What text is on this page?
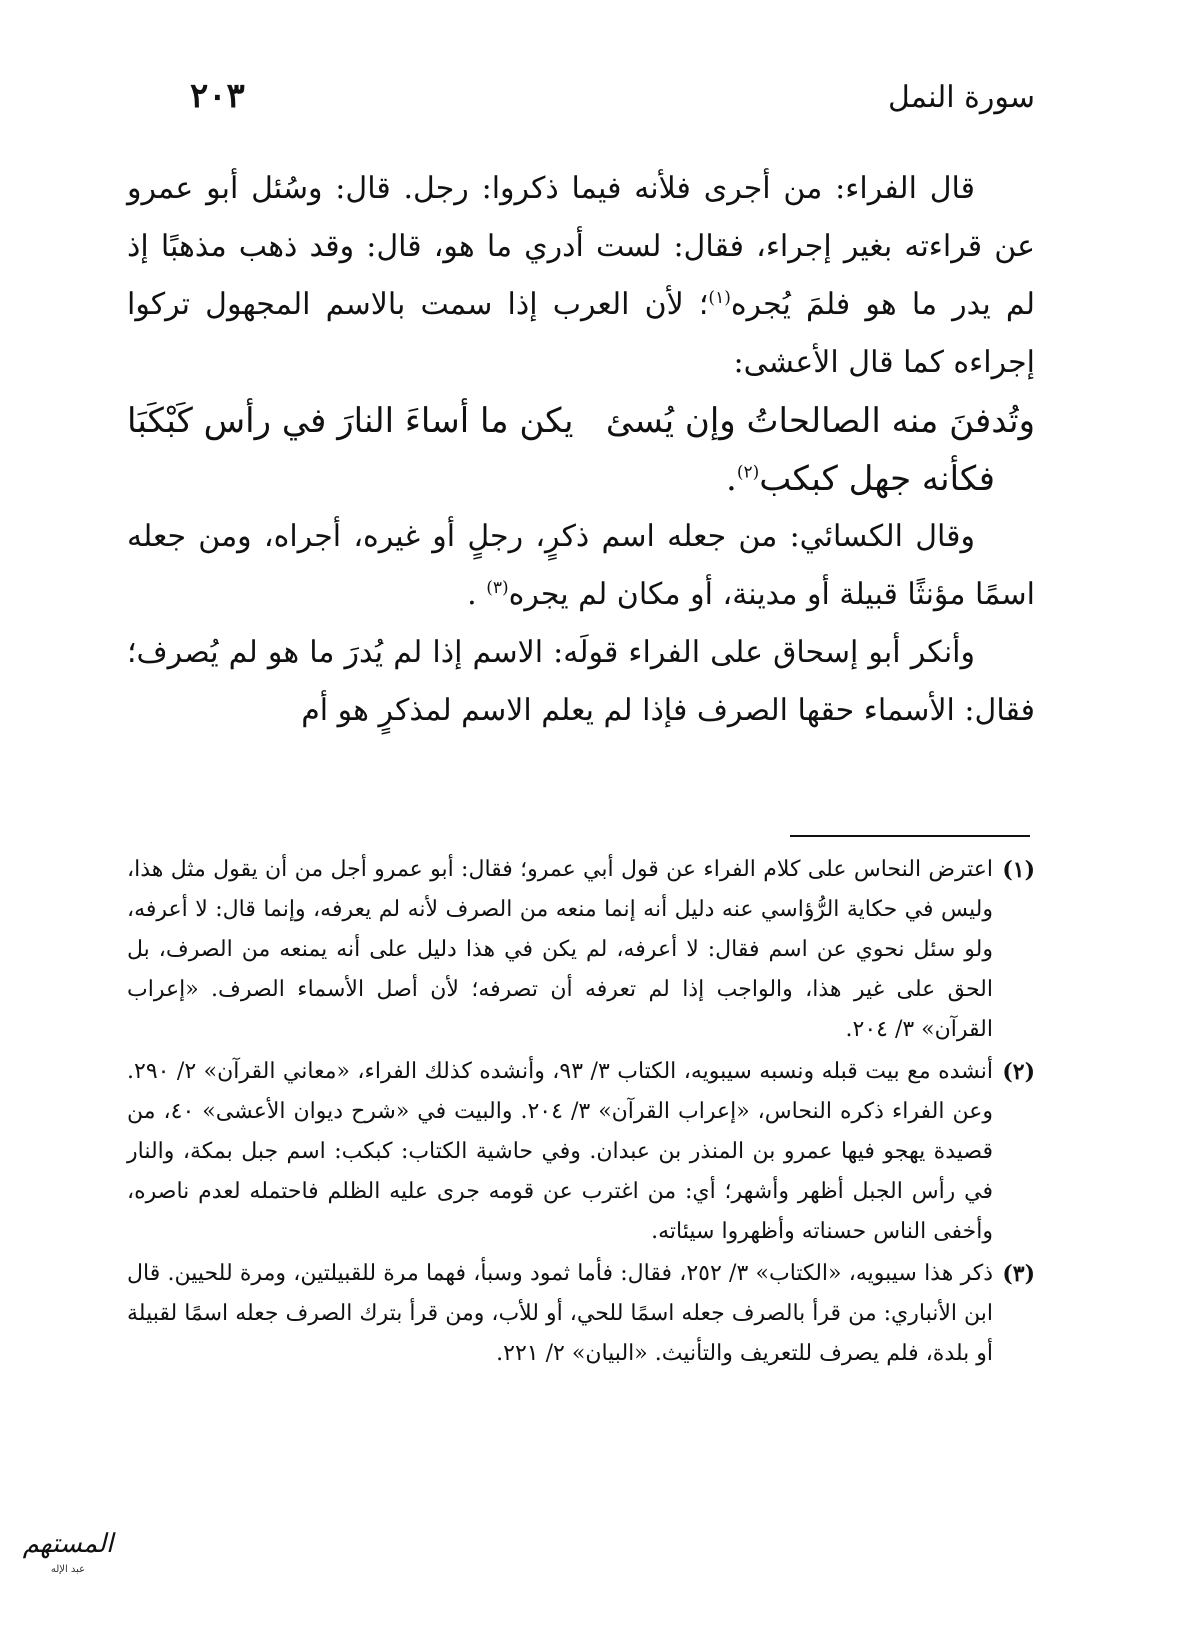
سورة النمل
٢٠٣

قال الفراء: من أجرى فلأنه فيما ذكروا: رجل. قال: وسُئل أبو عمرو عن قراءته بغير إجراء، فقال: لست أدري ما هو، قال: وقد ذهب مذهبًا إذ لم يدر ما هو فلمَ يُجره$^{(١)}$؛ لأن العرب إذا سمت بالاسم المجهول تركوا إجراءه كما قال الأعشى:

وتُدفنَ منه الصالحاتُ وإن يُسئ
يكن ما أساءَ النارَ في رأس كَبْكَبَا

فكأنه جهل كبكب$^{(٢)}$.

وقال الكسائي: من جعله اسم ذكرٍ، رجلٍ أو غيره، أجراه، ومن جعله اسمًا مؤنثًا قبيلة أو مدينة، أو مكان لم يجره$^{(٣)}$ .

وأنكر أبو إسحاق على الفراء قولَه: الاسم إذا لم يُدرَ ما هو لم يُصرف؛ فقال: الأسماء حقها الصرف فإذا لم يعلم الاسم لمذكرٍ هو أم

(١)
اعترض النحاس على كلام الفراء عن قول أبي عمرو؛ فقال: أبو عمرو أجل من أن يقول مثل هذا، وليس في حكاية الرُّؤاسي عنه دليل أنه إنما منعه من الصرف لأنه لم يعرفه، وإنما قال: لا أعرفه، ولو سئل نحوي عن اسم فقال: لا أعرفه، لم يكن في هذا دليل على أنه يمنعه من الصرف، بل الحق على غير هذا، والواجب إذا لم تعرفه أن تصرفه؛ لأن أصل الأسماء الصرف. «إعراب القرآن» ٣/ ٢٠٤.

(٢)
أنشده مع بيت قبله ونسبه سيبويه، الكتاب ٣/ ٩٣، وأنشده كذلك الفراء، «معاني القرآن» ٢/ ٢٩٠. وعن الفراء ذكره النحاس، «إعراب القرآن» ٣/ ٢٠٤. والبيت في «شرح ديوان الأعشى» ٤٠، من قصيدة يهجو فيها عمرو بن المنذر بن عبدان. وفي حاشية الكتاب: كبكب: اسم جبل بمكة، والنار في رأس الجبل أظهر وأشهر؛ أي: من اغترب عن قومه جرى عليه الظلم فاحتمله لعدم ناصره، وأخفى الناس حسناته وأظهروا سيئاته.

(٣)
ذكر هذا سيبويه، «الكتاب» ٣/ ٢٥٢، فقال: فأما ثمود وسبأ، فهما مرة للقبيلتين، ومرة للحيين. قال ابن الأنباري: من قرأ بالصرف جعله اسمًا للحي، أو للأب، ومن قرأ بترك الصرف جعله اسمًا لقبيلة أو بلدة، فلم يصرف للتعريف والتأنيث. «البيان» ٢/ ٢٢١.

المستهم
عبد الإله
